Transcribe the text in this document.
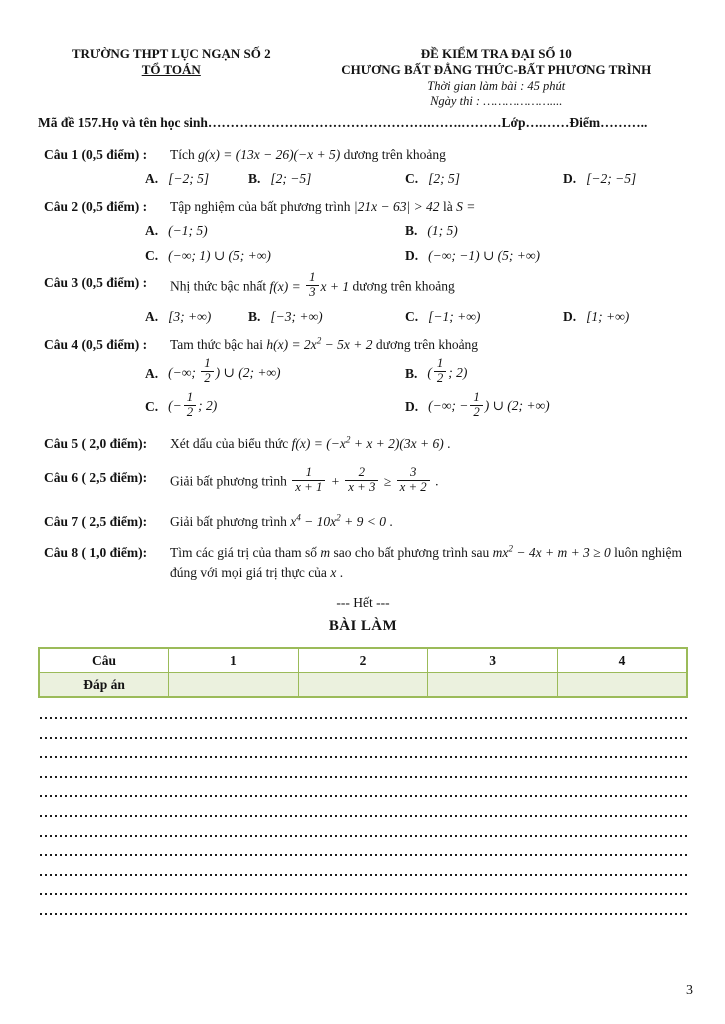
TRƯỜNG THPT LỤC NGẠN SỐ 2
TỔ TOÁN
ĐỀ KIỂM TRA ĐẠI SỐ 10
CHƯƠNG BẤT ĐẲNG THỨC-BẤT PHƯƠNG TRÌNH
Thời gian làm bài : 45 phút
Ngày thi : ………………....
Mã đề 157.Họ và tên học sinh………………….……………………….…….………Lớp….……Điểm………..
Câu 1 (0,5 điểm) :	Tích g(x) = (13x − 26)(−x + 5) dương trên khoảng
A. [−2; 5]	B. [2; −5]	C. [2; 5]	D. [−2; −5]
Câu 2 (0,5 điểm) :	Tập nghiệm của bất phương trình |21x − 63| > 42 là S =
A. (−1; 5)	B. (1; 5)
C. (−∞; 1) ∪ (5; +∞)	D. (−∞; −1) ∪ (5; +∞)
Câu 3 (0,5 điểm) :	Nhị thức bậc nhất $f(x) = \frac{1}{3}$ x + 1 dương trên khoảng
A. [3; +∞)	B. [−3; +∞)	C. [−1; +∞)	D. [1; +∞)
Câu 4 (0,5 điểm) :	Tam thức bậc hai $h(x) = 2x^2 - 5x + 2$ dương trên khoảng
A. (−∞; $\frac{1}{2}$ ) ∪ (2; +∞)	B. ( $\frac{1}{2}$ ; 2)
C. (− $\frac{1}{2}$ ; 2)	D. (−∞; − $\frac{1}{2}$ ) ∪ (2; +∞)
Câu 5 ( 2,0 điểm):	Xét dấu của biểu thức $f(x) = (-x^2 + x + 2)(3x + 6)$ .
Câu 6 ( 2,5 điểm):	Giải bất phương trình $\frac{1}{x + 1} + \frac{2}{x + 3} \ge \frac{3}{x + 2}$ .
Câu 7 ( 2,5 điểm):	Giải bất phương trình $x^4 - 10x^2 + 9 < 0$ .
Câu 8 ( 1,0 điểm):	Tìm các giá trị của tham số m sao cho bất phương trình sau $mx^2 - 4x + m + 3 \ge 0$ luôn nghiệm đúng với mọi giá trị thực của x .
--- Hết ---
BÀI LÀM
Câu	1	2	3	4
Đáp án				
3
